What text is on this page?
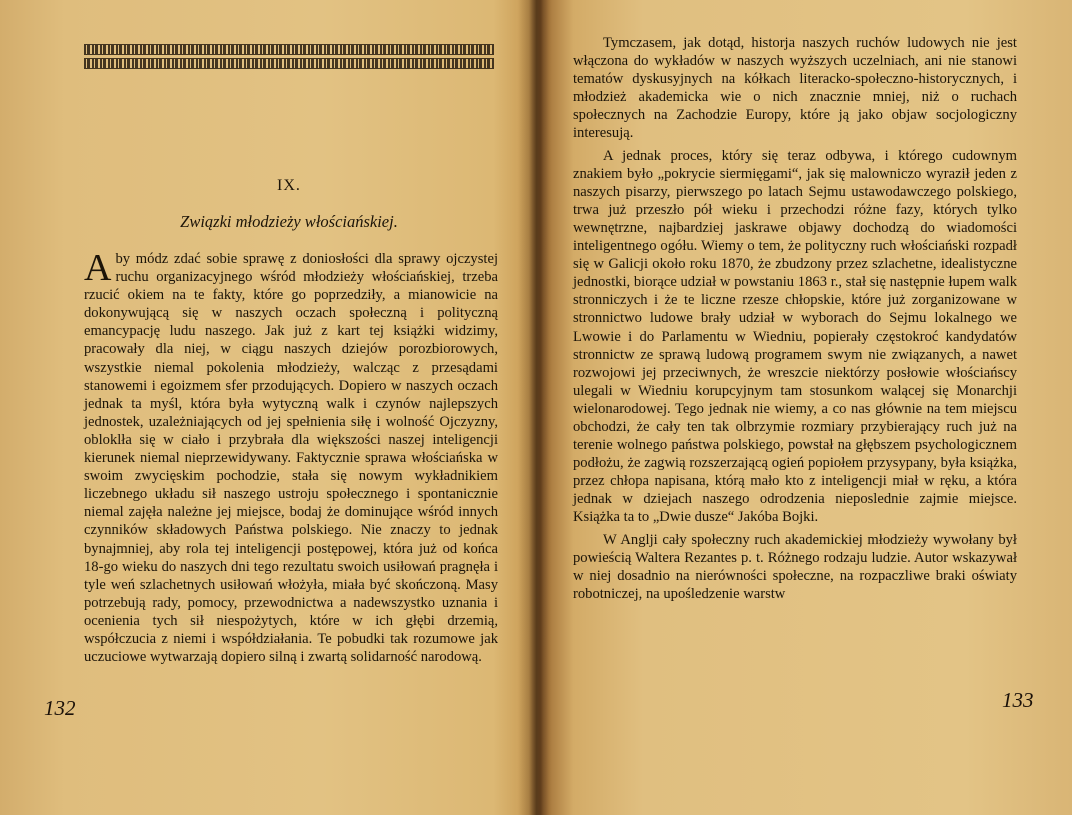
IX.
Związki młodzieży włościańskiej.

Aby módz zdać sobie sprawę z doniosłości dla sprawy ojczystej ruchu organizacyjnego wśród młodzieży włościańskiej, trzeba rzucić okiem na te fakty, które go poprzedziły, a mianowicie na dokonywującą się w naszych oczach społeczną i polityczną emancypację ludu naszego. Jak już z kart tej książki widzimy, pracowały dla niej, w ciągu naszych dziejów porozbiorowych, wszystkie niemal pokolenia młodzieży, walcząc z przesądami stanowemi i egoizmem sfer przodujących. Dopiero w naszych oczach jednak ta myśl, która była wytyczną walk i czynów najlepszych jednostek, uzależniających od jej spełnienia siłę i wolność Ojczyzny, obloklła się w ciało i przybrała dla większości naszej inteligencji kierunek niemal nieprzewidywany. Faktycznie sprawa włościańska w swoim zwycięskim pochodzie, stała się nowym wykładnikiem liczebnego układu sił naszego ustroju społecznego i spontanicznie niemal zajęła należne jej miejsce, bodaj że dominujące wśród innych czynników składowych Państwa polskiego. Nie znaczy to jednak bynajmniej, aby rola tej inteligencji postępowej, która już od końca 18-go wieku do naszych dni tego rezultatu swoich usiłowań pragnęła i tyle weń szlachetnych usiłowań włożyła, miała być skończoną. Masy potrzebują rady, pomocy, przewodnictwa a nadewszystko uznania i ocenienia tych sił niespożytych, które w ich głębi drzemią, współczucia z niemi i współdziałania. Te pobudki tak rozumowe jak uczuciowe wytwarzają dopiero silną i zwartą solidarność narodową.

132

Tymczasem, jak dotąd, historja naszych ruchów ludowych nie jest włączona do wykładów w naszych wyższych uczelniach, ani nie stanowi tematów dyskusyjnych na kółkach literacko-społeczno-historycznych, i młodzież akademicka wie o nich znacznie mniej, niż o ruchach społecznych na Zachodzie Europy, które ją jako objaw socjologiczny interesują.

A jednak proces, który się teraz odbywa, i którego cudownym znakiem było „pokrycie siermięgami“, jak się malowniczo wyraził jeden z naszych pisarzy, pierwszego po latach Sejmu ustawodawczego polskiego, trwa już przeszło pół wieku i przechodzi różne fazy, których tylko wewnętrzne, najbardziej jaskrawe objawy dochodzą do wiadomości inteligentnego ogółu. Wiemy o tem, że polityczny ruch włościański rozpadł się w Galicji około roku 1870, że zbudzony przez szlachetne, idealistyczne jednostki, biorące udział w powstaniu 1863 r., stał się następnie łupem walk stronniczych i że te liczne rzesze chłopskie, które już zorganizowane w stronnictwo ludowe brały udział w wyborach do Sejmu lokalnego we Lwowie i do Parlamentu w Wiedniu, popierały częstokroć kandydatów stronnictw ze sprawą ludową programem swym nie związanych, a nawet rozwojowi jej przeciwnych, że wreszcie niektórzy posłowie włościańscy ulegali w Wiedniu korupcyjnym tam stosunkom walącej się Monarchji wielonarodowej. Tego jednak nie wiemy, a co nas głównie na tem miejscu obchodzi, że cały ten tak olbrzymie rozmiary przybierający ruch już na terenie wolnego państwa polskiego, powstał na głębszem psychologicznem podłożu, że zagwią rozszerzającą ogień popiołem przysypany, była książka, przez chłopa napisana, którą mało kto z inteligencji miał w ręku, a która jednak w dziejach naszego odrodzenia nieposlednie zajmie miejsce. Książka ta to „Dwie dusze“ Jakóba Bojki.

W Anglji cały społeczny ruch akademickiej młodzieży wywołany był powieścią Waltera Rezantes p. t. Różnego rodzaju ludzie. Autor wskazywał w niej dosadnio na nierówności społeczne, na rozpaczliwe braki oświaty robotniczej, na upośledzenie warstw

133
